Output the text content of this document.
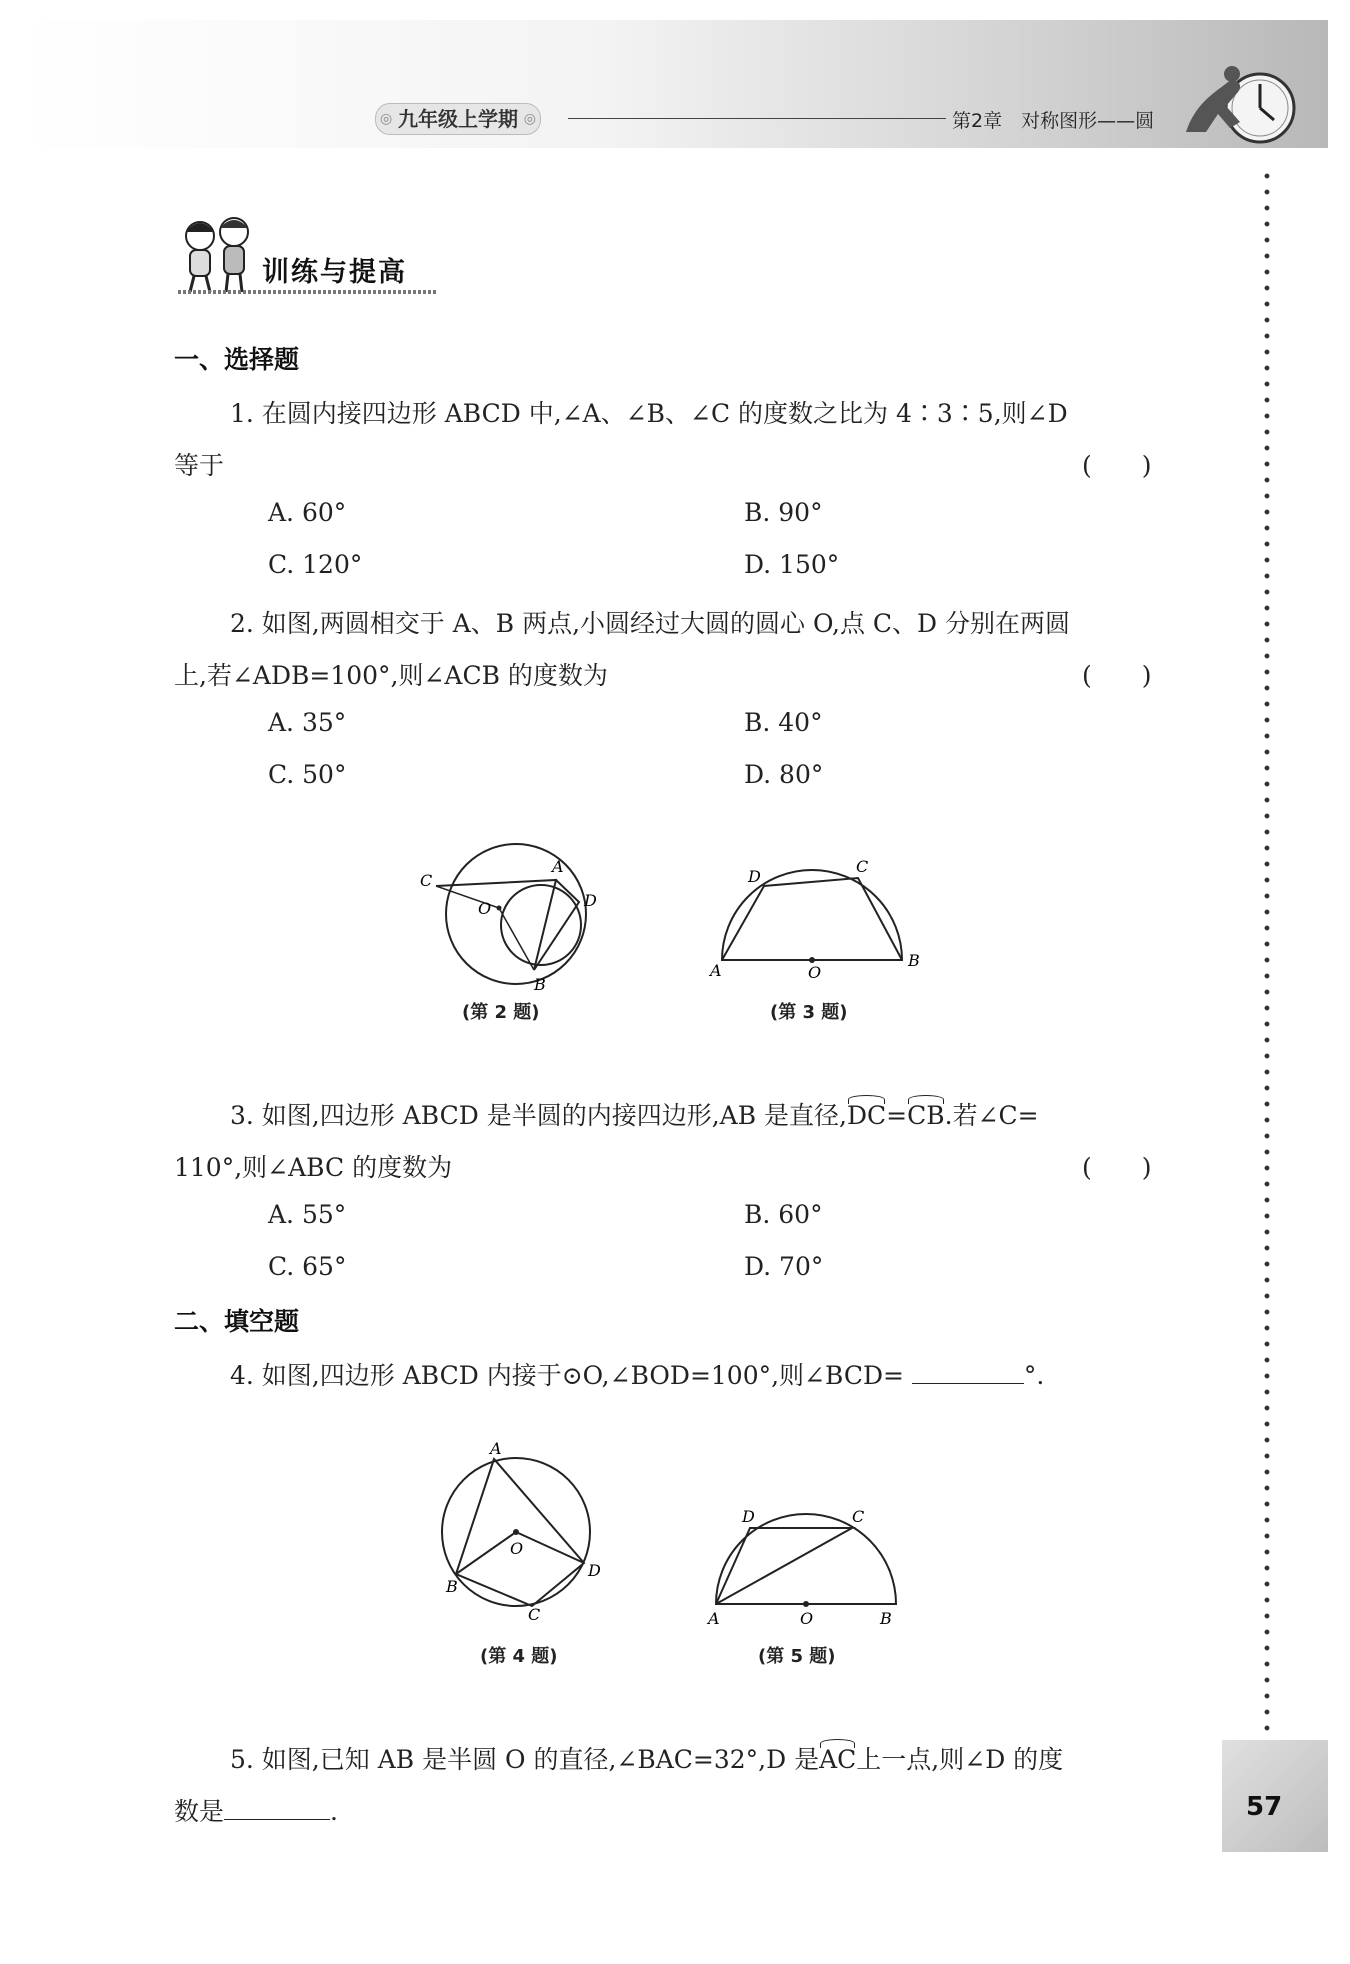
◎ 九年级上学期 ◎	第2章　对称图形——圆
57
训练与提高
一、选择题
1. 在圆内接四边形 ABCD 中,∠A、∠B、∠C 的度数之比为 4∶3∶5,则∠D
等于	(　　)
A. 60°	B. 90°
C. 120°	D. 150°
2. 如图,两圆相交于 A、B 两点,小圆经过大圆的圆心 O,点 C、D 分别在两圆
上,若∠ADB=100°,则∠ACB 的度数为	(　　)
A. 35°	B. 40°
C. 50°	D. 80°
C
A
O	D
B
(第 2 题)
D
C
A	O
B
(第 3 题)
3. 如图,四边形 ABCD 是半圆的内接四边形,AB 是直径,DC=CB.若∠C=
110°,则∠ABC 的度数为	(　　)
A. 55°	B. 60°
C. 65°	D. 70°
二、填空题
4. 如图,四边形 ABCD 内接于⊙O,∠BOD=100°,则∠BCD=	°.
A
O
B
D
C
(第 4 题)
D	C
A	O	B
(第 5 题)
5. 如图,已知 AB 是半圆 O 的直径,∠BAC=32°,D 是AC上一点,则∠D 的度
数是	.
